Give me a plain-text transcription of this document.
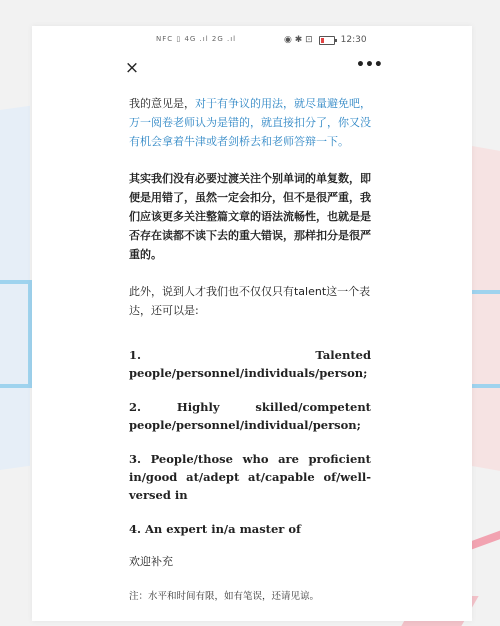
NFC ▯ 4G .ıl 2G .ıl	◉ ✱ ⊡	12:30
×	•••

我的意见是，对于有争议的用法，就尽量避免吧，万一阅卷老师认为是错的，就直接扣分了，你又没有机会拿着牛津或者剑桥去和老师答辩一下。

其实我们没有必要过渡关注个别单词的单复数，即便是用错了，虽然一定会扣分，但不是很严重，我们应该更多关注整篇文章的语法流畅性，也就是是否存在读都不读下去的重大错误，那样扣分是很严重的。

此外，说到人才我们也不仅仅只有talent这一个表达，还可以是:

1.	Talented
people/personnel/individuals/person;
2.	Highly	skilled/competent
people/personnel/individual/person;
3. People/those who are proficient in/good at/adept at/capable of/well-versed in
4. An expert in/a master of

欢迎补充

注：水平和时间有限，如有笔误，还请见谅。
